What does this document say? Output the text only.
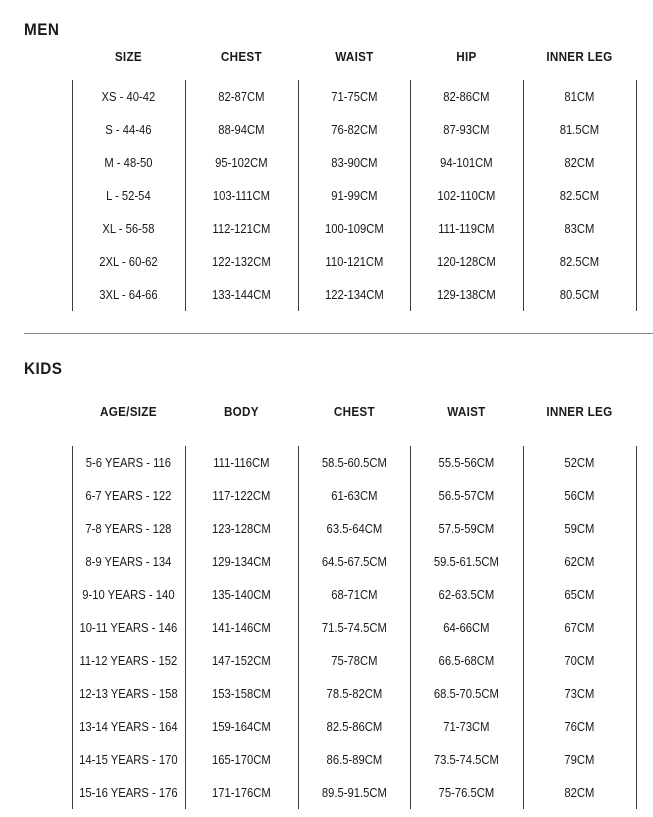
MEN
SIZE	CHEST	WAIST	HIP	INNER LEG
XS - 40-42	82-87CM	71-75CM	82-86CM	81CM
S - 44-46	88-94CM	76-82CM	87-93CM	81.5CM
M - 48-50	95-102CM	83-90CM	94-101CM	82CM
L - 52-54	103-111CM	91-99CM	102-110CM	82.5CM
XL - 56-58	112-121CM	100-109CM	111-119CM	83CM
2XL - 60-62	122-132CM	110-121CM	120-128CM	82.5CM
3XL - 64-66	133-144CM	122-134CM	129-138CM	80.5CM
KIDS
AGE/SIZE	BODY	CHEST	WAIST	INNER LEG
5-6 YEARS - 116	111-116CM	58.5-60.5CM	55.5-56CM	52CM
6-7 YEARS - 122	117-122CM	61-63CM	56.5-57CM	56CM
7-8 YEARS - 128	123-128CM	63.5-64CM	57.5-59CM	59CM
8-9 YEARS - 134	129-134CM	64.5-67.5CM	59.5-61.5CM	62CM
9-10 YEARS - 140	135-140CM	68-71CM	62-63.5CM	65CM
10-11 YEARS - 146	141-146CM	71.5-74.5CM	64-66CM	67CM
11-12 YEARS - 152	147-152CM	75-78CM	66.5-68CM	70CM
12-13 YEARS - 158	153-158CM	78.5-82CM	68.5-70.5CM	73CM
13-14 YEARS - 164	159-164CM	82.5-86CM	71-73CM	76CM
14-15 YEARS - 170	165-170CM	86.5-89CM	73.5-74.5CM	79CM
15-16 YEARS - 176	171-176CM	89.5-91.5CM	75-76.5CM	82CM
